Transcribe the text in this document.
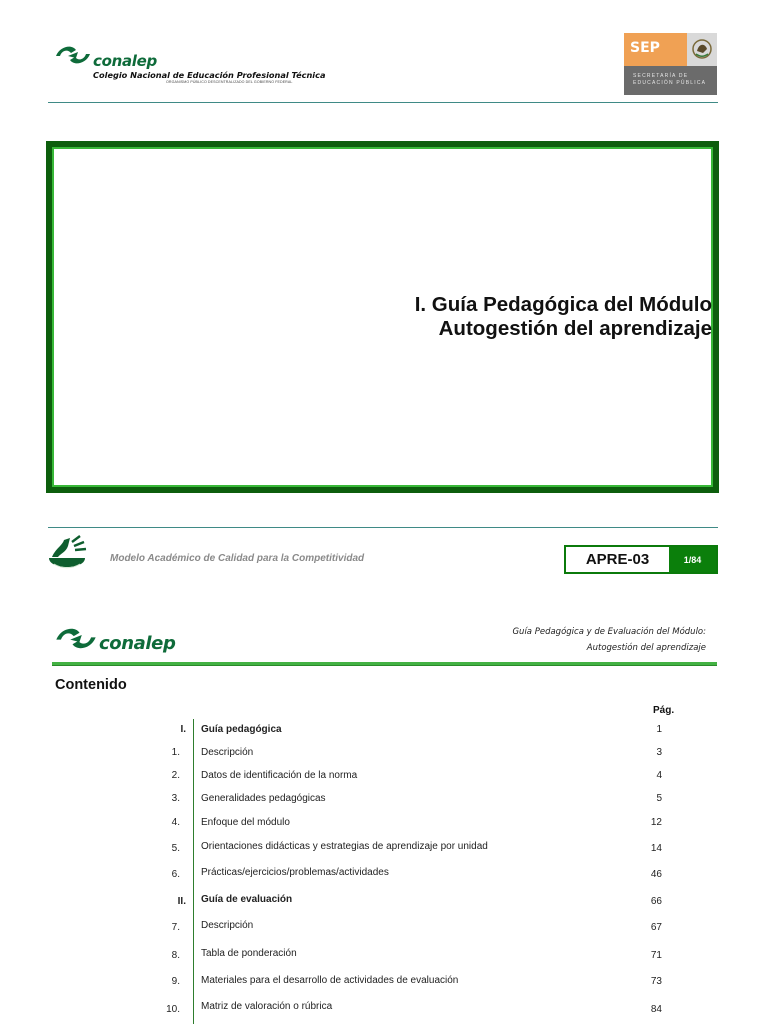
conalep
Colegio Nacional de Educación Profesional Técnica
ORGANISMO PÚBLICO DESCENTRALIZADO DEL GOBIERNO FEDERAL
SEP
SECRETARÍA DE
EDUCACIÓN PÚBLICA
I. Guía Pedagógica del Módulo
Autogestión del aprendizaje
Modelo Académico de Calidad para la Competitividad	APRE-03	1/84
conalep
Guía Pedagógica y de Evaluación del Módulo:
Autogestión del aprendizaje
Contenido
Pág.
I. Guía pedagógica	1
1. Descripción	3
2. Datos de identificación de la norma	4
3. Generalidades pedagógicas	5
4. Enfoque del módulo	12
5. Orientaciones didácticas y estrategias de aprendizaje por unidad	14
6. Prácticas/ejercicios/problemas/actividades	46
II. Guía de evaluación	66
7. Descripción	67
8. Tabla de ponderación	71
9. Materiales para el desarrollo de actividades de evaluación	73
10. Matriz de valoración o rúbrica	84
